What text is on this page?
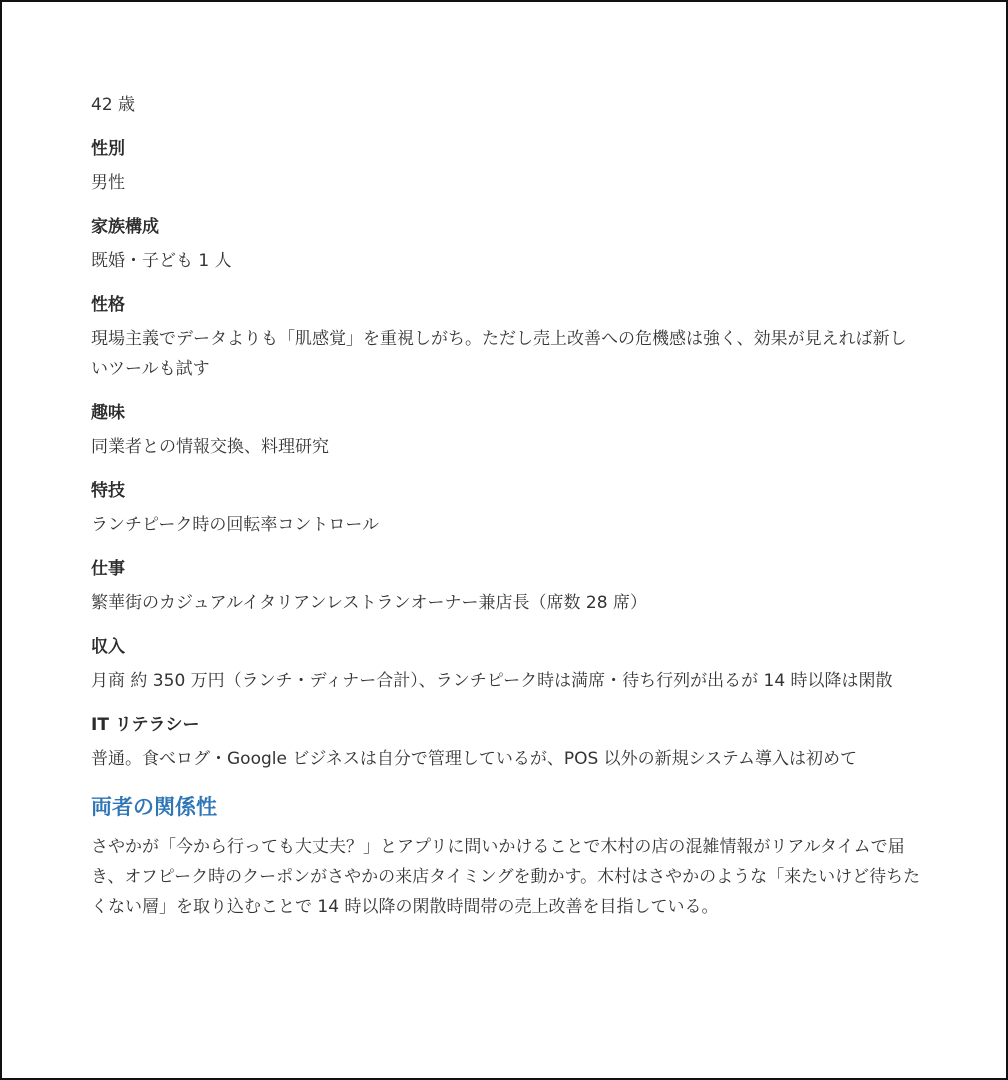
42 歳

性別

男性

家族構成

既婚・子ども 1 人

性格

現場主義でデータよりも「肌感覚」を重視しがち。ただし売上改善への危機感は強く、効果が見えれば新しいツールも試す

趣味

同業者との情報交換、料理研究

特技

ランチピーク時の回転率コントロール

仕事

繁華街のカジュアルイタリアンレストランオーナー兼店長（席数 28 席）

収入

月商 約 350 万円（ランチ・ディナー合計）、ランチピーク時は満席・待ち行列が出るが 14 時以降は閑散

IT リテラシー

普通。食べログ・Google ビジネスは自分で管理しているが、POS 以外の新規システム導入は初めて

両者の関係性

さやかが「今から行っても大丈夫？」とアプリに問いかけることで木村の店の混雑情報がリアルタイムで届き、オフピーク時のクーポンがさやかの来店タイミングを動かす。木村はさやかのような「来たいけど待ちたくない層」を取り込むことで 14 時以降の閑散時間帯の売上改善を目指している。
